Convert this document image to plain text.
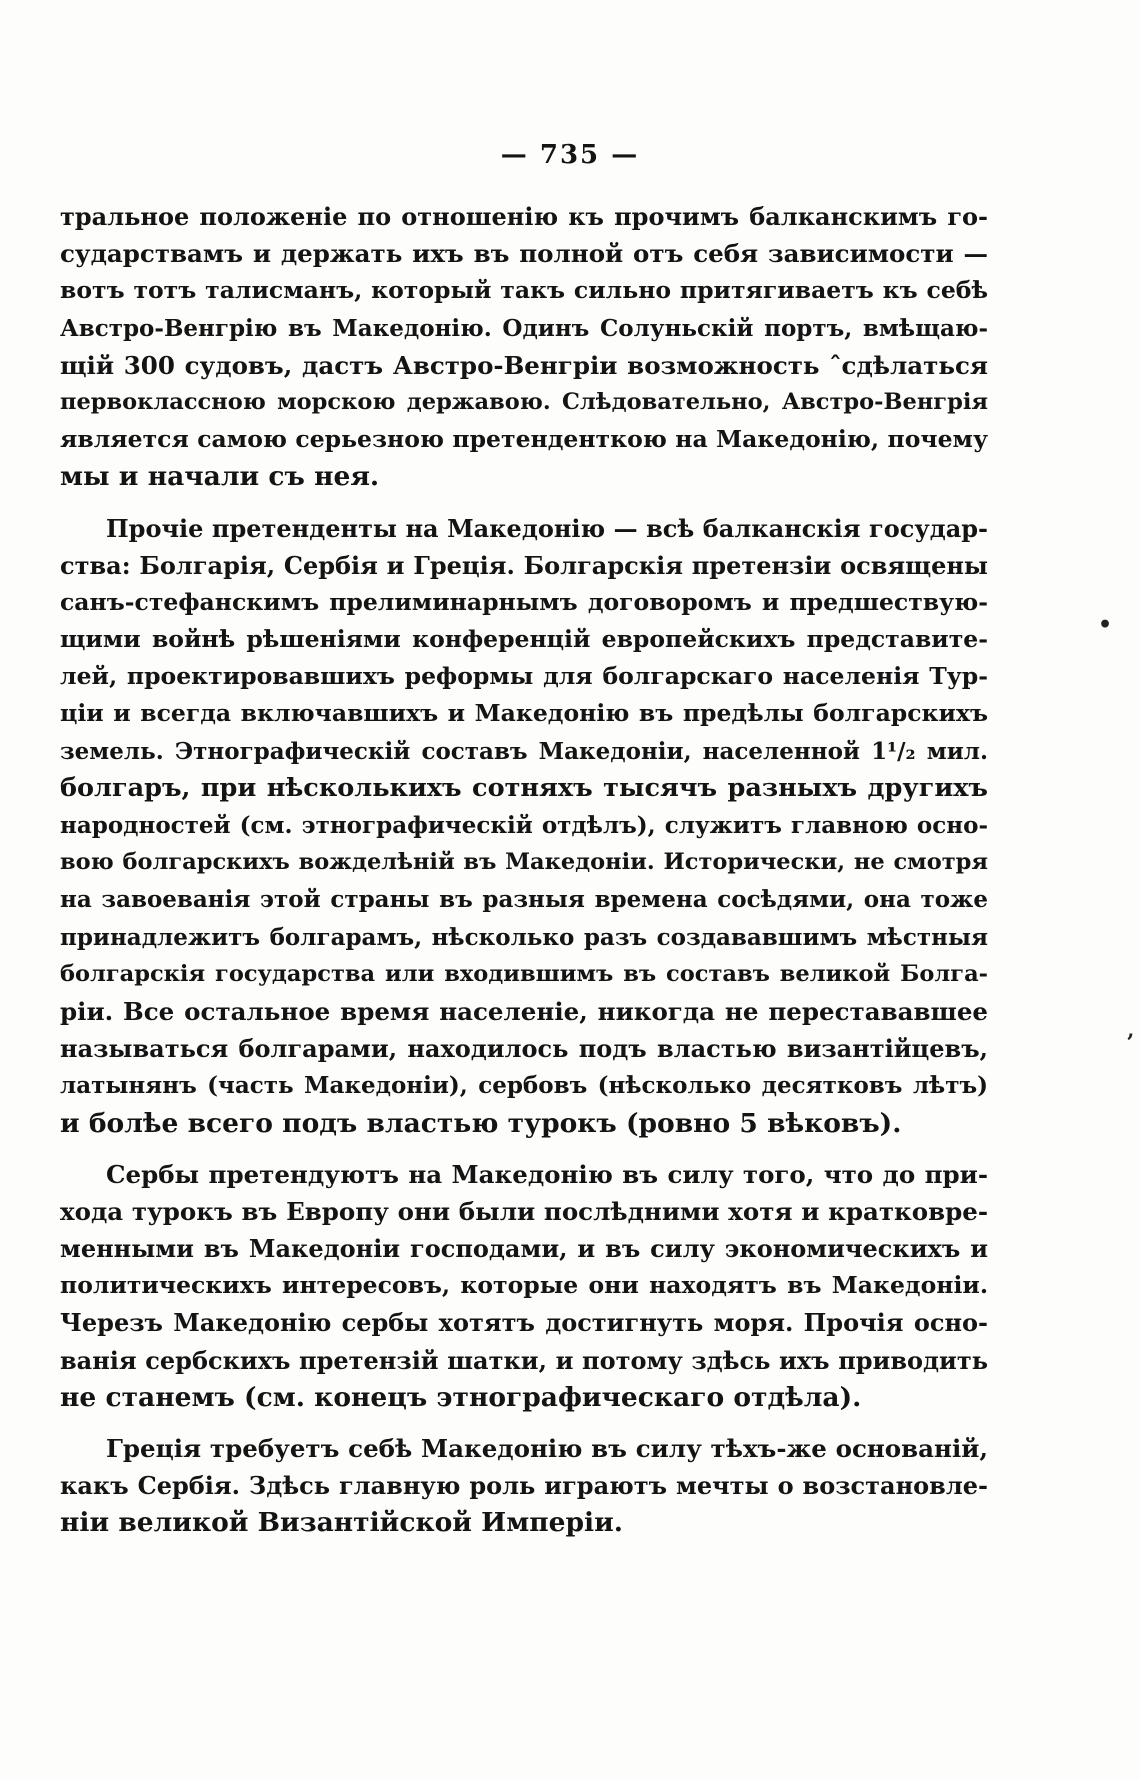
— 735 —
тральное положеніе по отношенію къ прочимъ балканскимъ го-
сударствамъ и держать ихъ въ полной отъ себя зависимости —
вотъ тотъ талисманъ, который такъ сильно притягиваетъ къ себѣ
Австро-Венгрію въ Македонію. Одинъ Солуньскій портъ, вмѣщаю-
щій 300 судовъ, дастъ Австро-Венгріи возможность ˆсдѣлаться
первоклассною морскою державою. Слѣдовательно, Австро-Венгрія
является самою серьезною претенденткою на Македонію, почему
мы и начали съ нея.
Прочіе претенденты на Македонію — всѣ балканскія государ-
ства: Болгарія, Сербія и Греція. Болгарскія претензіи освящены
санъ-стефанскимъ прелиминарнымъ договоромъ и предшествую-
щими войнѣ рѣшеніями конференцій европейскихъ представите-
лей, проектировавшихъ реформы для болгарскаго населенія Тур-
ціи и всегда включавшихъ и Македонію въ предѣлы болгарскихъ
земель. Этнографическій составъ Македоніи, населенной 1¹/₂ мил.
болгаръ, при нѣсколькихъ сотняхъ тысячъ разныхъ другихъ
народностей (см. этнографическій отдѣлъ), служитъ главною осно-
вою болгарскихъ вожделѣній въ Македоніи. Исторически, не смотря
на завоеванія этой страны въ разныя времена сосѣдями, она тоже
принадлежитъ болгарамъ, нѣсколько разъ создававшимъ мѣстныя
болгарскія государства или входившимъ въ составъ великой Болга-
ріи. Все остальное время населеніе, никогда не перестававшее
называться болгарами, находилось подъ властью византійцевъ,
латынянъ (часть Македоніи), сербовъ (нѣсколько десятковъ лѣтъ)
и болѣе всего подъ властью турокъ (ровно 5 вѣковъ).
Сербы претендуютъ на Македонію въ силу того, что до при-
хода турокъ въ Европу они были послѣдними хотя и кратковре-
менными въ Македоніи господами, и въ силу экономическихъ и
политическихъ интересовъ, которые они находятъ въ Македоніи.
Черезъ Македонію сербы хотятъ достигнуть моря. Прочія осно-
ванія сербскихъ претензій шатки, и потому здѣсь ихъ приводить
не станемъ (см. конецъ этнографическаго отдѣла).
Греція требуетъ себѣ Македонію въ силу тѣхъ-же основаній,
какъ Сербія. Здѣсь главную роль играютъ мечты о возстановле-
ніи великой Византійской Имперіи.
•
ʼ
